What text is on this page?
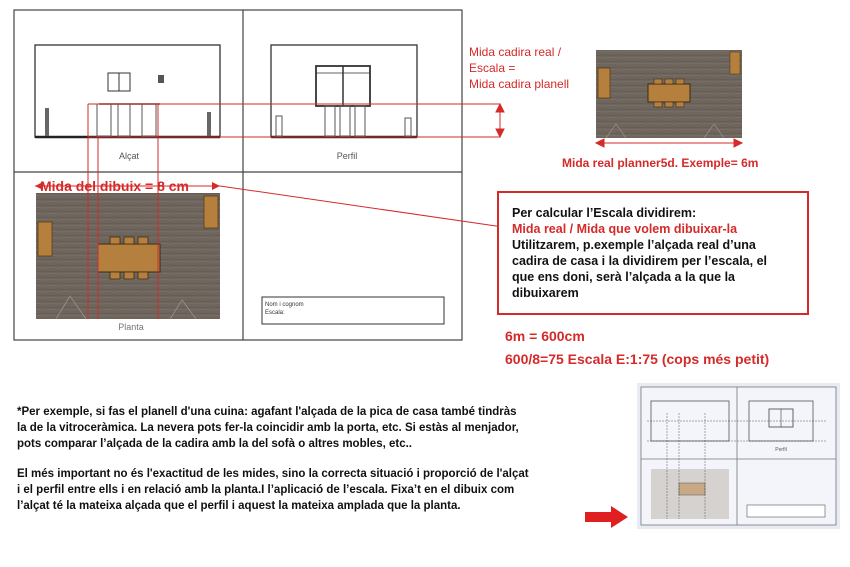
Alçat	Perfil
Planta
Nom i cognom
Escala:
Mida del dibuix = 8 cm
Mida cadira real /
Escala =
Mida cadira planell
Mida real planner5d. Exemple= 6m
6m = 600cm
600/8=75 Escala E:1:75 (cops més petit)
Per calcular l’Escala dividirem:
Mida real / Mida que volem dibuixar-la
Utilitzarem, p.exemple l’alçada real d’una
cadira de casa i la dividirem per l’escala, el
que ens doni, serà l’alçada a la que la
dibuixarem
*Per exemple, si fas el planell d'una cuina: agafant l'alçada de la pica de casa també tindràs
la de la vitroceràmica. La nevera pots fer-la coincidir amb la porta, etc. Si estàs al menjador,
pots comparar l’alçada de la cadira amb la del sofà o altres mobles, etc..
El més important no és l'exactitud de les mides, sino la correcta situació i proporció de l'alçat
i el perfil entre ells i en relació amb la planta.I l’aplicació de l’escala. Fixa’t en el dibuix com
l’alçat té la mateixa alçada que el perfil i aquest la mateixa amplada que la planta.
Perfil
